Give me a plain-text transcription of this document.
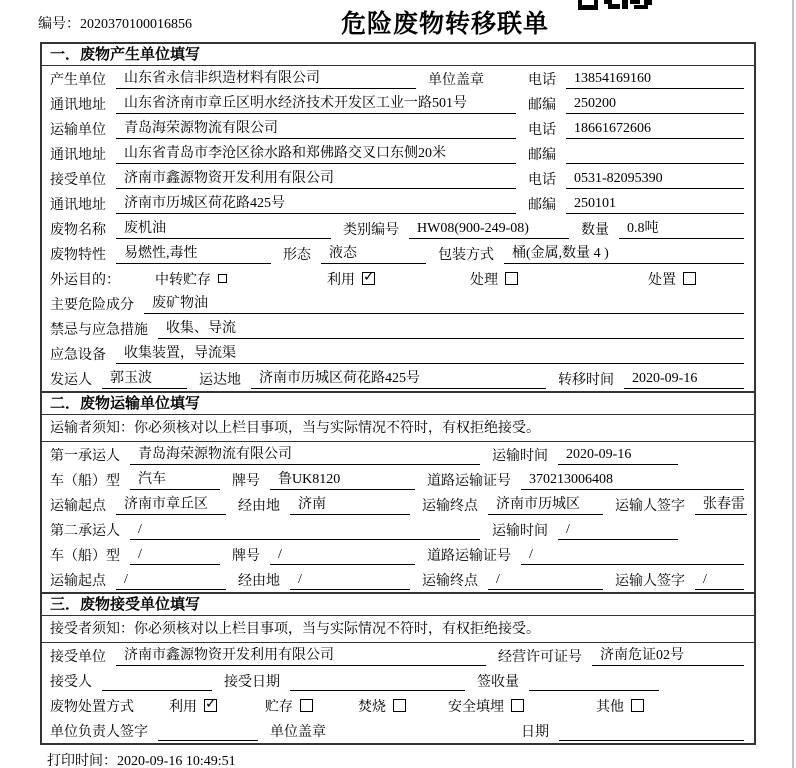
编号：2020370100016856	危险废物转移联单
一．废物产生单位填写
产生单位	山东省永信非织造材料有限公司	单位盖章	电话	13854169160
通讯地址	山东省济南市章丘区明水经济技术开发区工业一路501号	邮编	250200
运输单位	青岛海荣源物流有限公司	电话	18661672606
通讯地址	山东省青岛市李沧区徐水路和郑佛路交叉口东侧20米	邮编
接受单位	济南市鑫源物资开发利用有限公司	电话	0531-82095390
通讯地址	济南市历城区荷花路425号	邮编	250101
废物名称	废机油	类别编号	HW08(900-249-08)	数量	0.8吨
废物特性	易燃性,毒性	形态	液态	包装方式	桶(金属,数量 4 )
外运目的：	中转贮存	利用 ✓	处理	处置
主要危险成分	废矿物油
禁忌与应急措施	收集、导流
应急设备	收集装置，导流渠
发运人	郭玉波	运达地	济南市历城区荷花路425号	转移时间	2020-09-16
二．废物运输单位填写
运输者须知：你必须核对以上栏目事项，当与实际情况不符时，有权拒绝接受。
第一承运人	青岛海荣源物流有限公司	运输时间	2020-09-16
车（船）型	汽车	牌号	鲁UK8120	道路运输证号	370213006408
运输起点	济南市章丘区	经由地	济南	运输终点	济南市历城区	运输人签字	张春雷
第二承运人	/	运输时间	/
车（船）型	/	牌号	/	道路运输证号	/
运输起点	/	经由地	/	运输终点	/	运输人签字	/
三．废物接受单位填写
接受者须知：你必须核对以上栏目事项，当与实际情况不符时，有权拒绝接受。
接受单位	济南市鑫源物资开发利用有限公司	经营许可证号	济南危证02号
接受人	接受日期	签收量
废物处置方式	利用 ✓	贮存	焚烧	安全填埋	其他
单位负责人签字	单位盖章	日期
打印时间：2020-09-16 10:49:51
